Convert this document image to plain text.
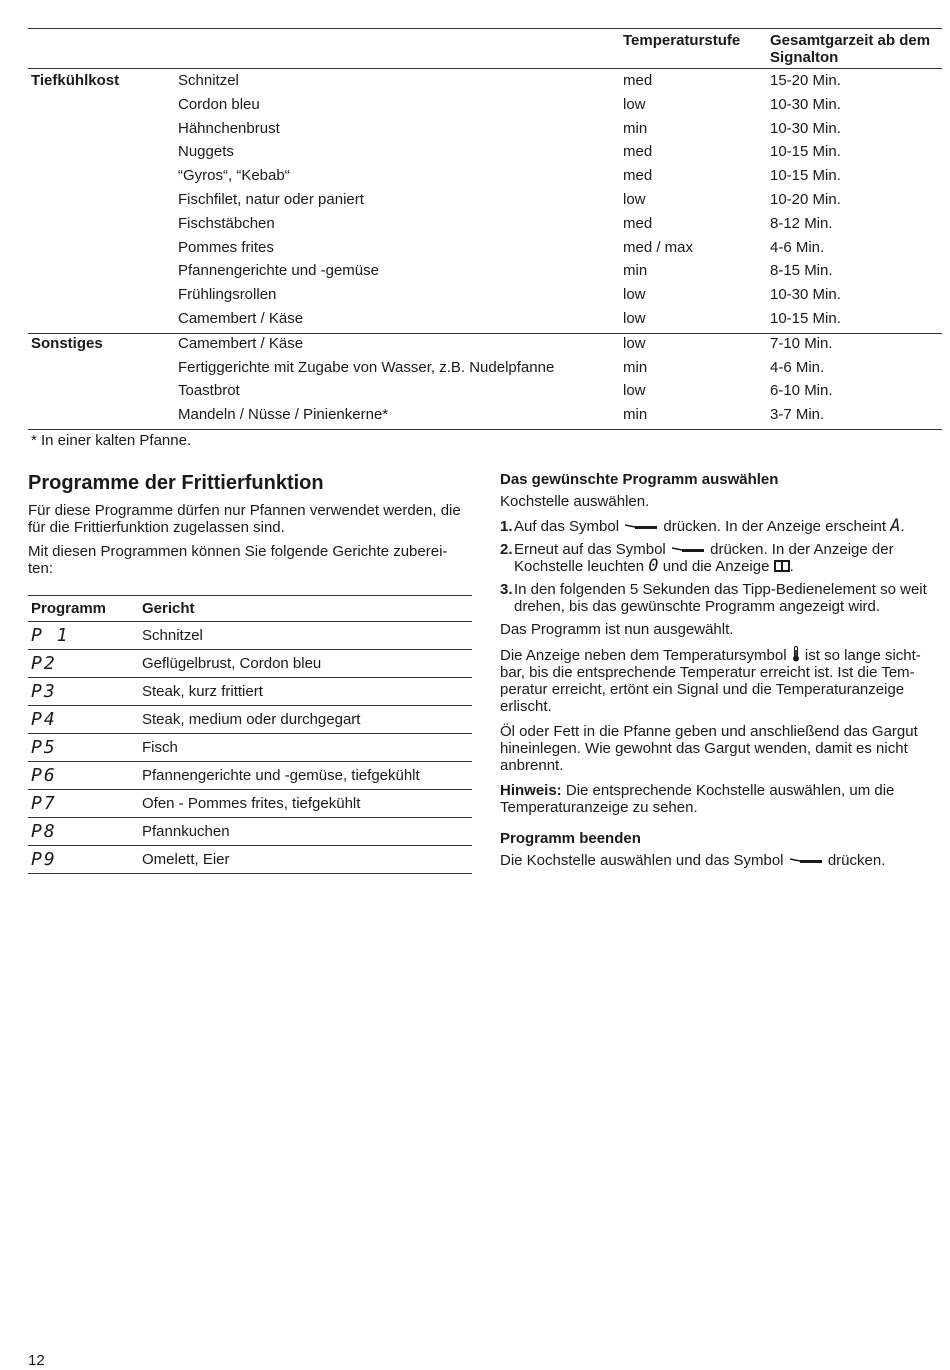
		Temperaturstufe	Gesamtgarzeit ab dem Signalton
Tiefkühlkost	Schnitzel	med	15-20 Min.
	Cordon bleu	low	10-30 Min.
	Hähnchenbrust	min	10-30 Min.
	Nuggets	med	10-15 Min.
	“Gyros“, “Kebab“	med	10-15 Min.
	Fischfilet, natur oder paniert	low	10-20 Min.
	Fischstäbchen	med	8-12 Min.
	Pommes frites	med / max	4-6 Min.
	Pfannengerichte und -gemüse	min	8-15 Min.
	Frühlingsrollen	low	10-30 Min.
	Camembert / Käse	low	10-15 Min.
Sonstiges	Camembert / Käse	low	7-10 Min.
	Fertiggerichte mit Zugabe von Wasser, z.B. Nudelpfanne	min	4-6 Min.
	Toastbrot	low	6-10 Min.
	Mandeln / Nüsse / Pinienkerne*	min	3-7 Min.
* In einer kalten Pfanne.
Programme der Frittierfunktion
Für diese Programme dürfen nur Pfannen verwendet werden, die für die Frittierfunktion zugelassen sind.
Mit diesen Programmen können Sie folgende Gerichte zuberei-ten:
Programm	Gericht
P 1	Schnitzel
P2	Geflügelbrust, Cordon bleu
P3	Steak, kurz frittiert
P4	Steak, medium oder durchgegart
P5	Fisch
P6	Pfannengerichte und -gemüse, tiefgekühlt
P7	Ofen - Pommes frites, tiefgekühlt
P8	Pfannkuchen
P9	Omelett, Eier
Das gewünschte Programm auswählen
Kochstelle auswählen.
1. Auf das Symbol	drücken. In der Anzeige erscheint A.
2. Erneut auf das Symbol	drücken. In der Anzeige der Kochstelle leuchten 0 und die Anzeige .
3. In den folgenden 5 Sekunden das Tipp-Bedienelement so weit drehen, bis das gewünschte Programm angezeigt wird.
Das Programm ist nun ausgewählt.
Die Anzeige neben dem Temperatursymbol ist so lange sicht-bar, bis die entsprechende Temperatur erreicht ist. Ist die Tem-peratur erreicht, ertönt ein Signal und die Temperaturanzeige erlischt.
Öl oder Fett in die Pfanne geben und anschließend das Gargut hineinlegen. Wie gewohnt das Gargut wenden, damit es nicht anbrennt.
Hinweis: Die entsprechende Kochstelle auswählen, um die Temperaturanzeige zu sehen.
Programm beenden
Die Kochstelle auswählen und das Symbol	drücken.
12
